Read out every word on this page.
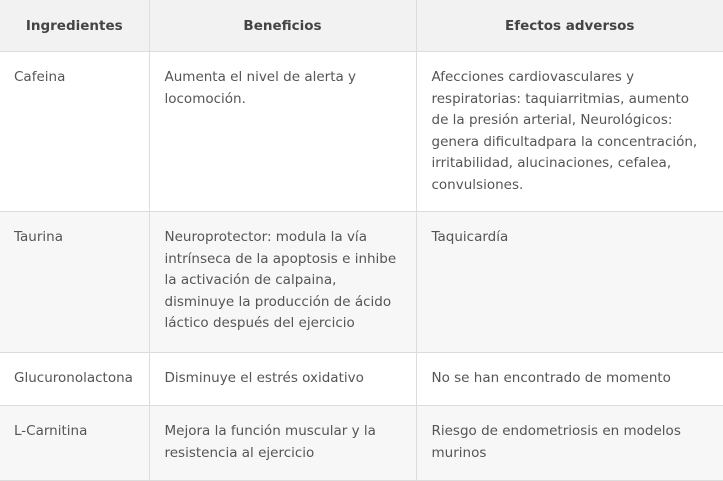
Ingredientes	Beneficios	Efectos adversos
Cafeina	Aumenta el nivel de alerta y locomoción.	Afecciones cardiovasculares y respiratorias: taquiarritmias, aumento de la presión arterial, Neurológicos: genera dificultadpara la concentración, irritabilidad, alucinaciones, cefalea, convulsiones.
Taurina	Neuroprotector: modula la vía intrínseca de la apoptosis e inhibe la activación de calpaina, disminuye la producción de ácido láctico después del ejercicio	Taquicardía
Glucuronolactona	Disminuye el estrés oxidativo	No se han encontrado de momento
L-Carnitina	Mejora la función muscular y la resistencia al ejercicio	Riesgo de endometriosis en modelos murinos
